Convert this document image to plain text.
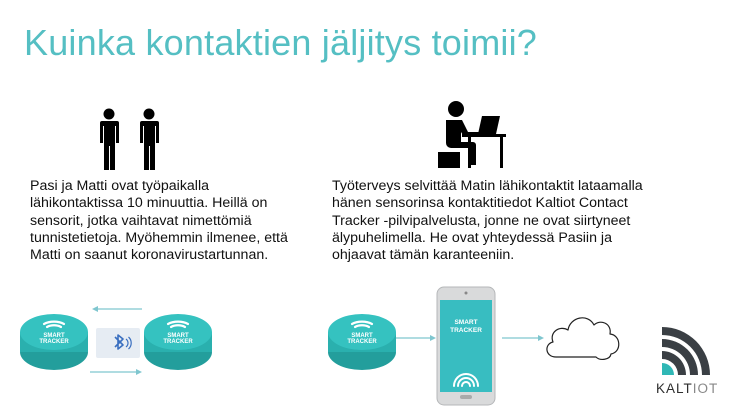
Kuinka kontaktien jäljitys toimii?

Pasi ja Matti ovat työpaikalla
lähikontaktissa 10 minuuttia. Heillä on
sensorit, jotka vaihtavat nimettömiä
tunnistetietoja. Myöhemmin ilmenee, että
Matti on saanut koronavirustartunnan.

Työterveys selvittää Matin lähikontaktit lataamalla
hänen sensorinsa kontaktitiedot Kaltiot Contact
Tracker -pilvipalvelusta, jonne ne ovat siirtyneet
älypuhelimella. He ovat yhteydessä Pasiin ja
ohjaavat tämän karanteeniin.

SMART
TRACKER
SMART
TRACKER
SMART
TRACKER
SMART
TRACKER
KALTIOT
